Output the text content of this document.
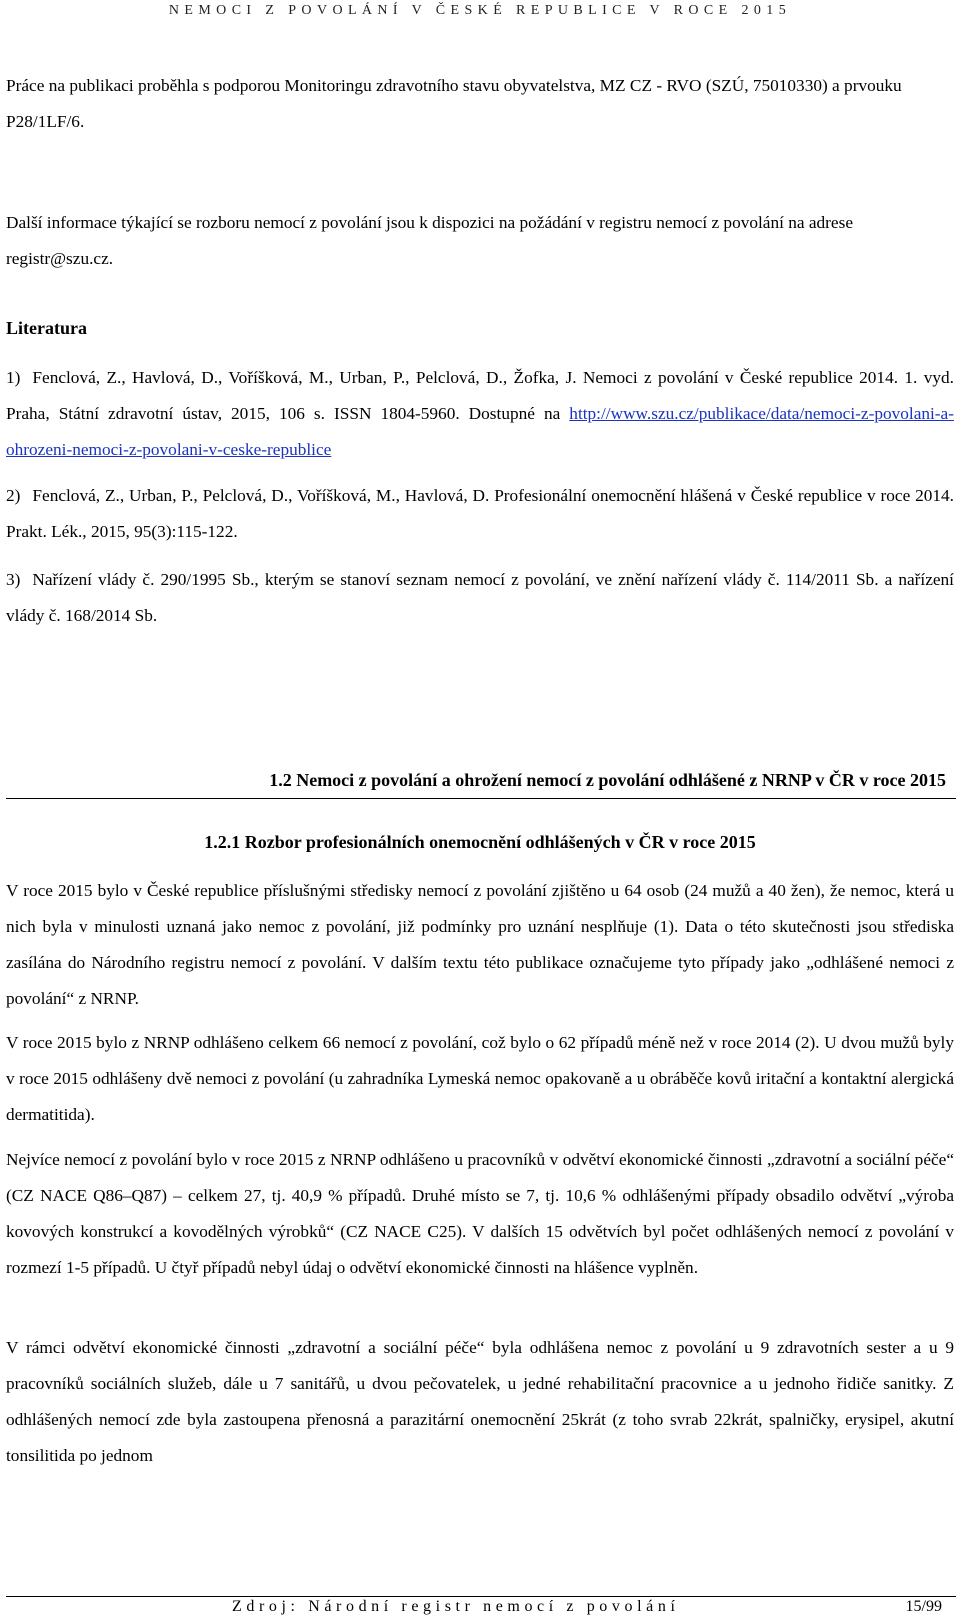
NEMOCI Z POVOLÁNÍ V ČESKÉ REPUBLICE V ROCE 2015

Práce na publikaci proběhla s podporou Monitoringu zdravotního stavu obyvatelstva, MZ CZ - RVO (SZÚ, 75010330) a prvouku P28/1LF/6.

Další informace týkající se rozboru nemocí z povolání jsou k dispozici na požádání v registru nemocí z povolání na adrese registr@szu.cz.

Literatura
1) Fenclová, Z., Havlová, D., Voříšková, M., Urban, P., Pelclová, D., Žofka, J. Nemoci z povolání v České republice 2014. 1. vyd. Praha, Státní zdravotní ústav, 2015, 106 s. ISSN 1804-5960. Dostupné na http://www.szu.cz/publikace/data/nemoci-z-povolani-a-ohrozeni-nemoci-z-povolani-v-ceske-republice
2) Fenclová, Z., Urban, P., Pelclová, D., Voříšková, M., Havlová, D. Profesionální onemocnění hlášená v České republice v roce 2014. Prakt. Lék., 2015, 95(3):115-122.
3) Nařízení vlády č. 290/1995 Sb., kterým se stanoví seznam nemocí z povolání, ve znění nařízení vlády č. 114/2011 Sb. a nařízení vlády č. 168/2014 Sb.
1.2 Nemoci z povolání a ohrožení nemocí z povolání odhlášené z NRNP v ČR v roce 2015
1.2.1 Rozbor profesionálních onemocnění odhlášených v ČR v roce 2015

V roce 2015 bylo v České republice příslušnými středisky nemocí z povolání zjištěno u 64 osob (24 mužů a 40 žen), že nemoc, která u nich byla v minulosti uznaná jako nemoc z povolání, již podmínky pro uznání nesplňuje (1). Data o této skutečnosti jsou střediska zasílána do Národního registru nemocí z povolání. V dalším textu této publikace označujeme tyto případy jako „odhlášené nemoci z povolání“ z NRNP.

V roce 2015 bylo z NRNP odhlášeno celkem 66 nemocí z povolání, což bylo o 62 případů méně než v roce 2014 (2). U dvou mužů byly v roce 2015 odhlášeny dvě nemoci z povolání (u zahradníka Lymeská nemoc opakovaně a u obráběče kovů iritační a kontaktní alergická dermatitida).

Nejvíce nemocí z povolání bylo v roce 2015 z NRNP odhlášeno u pracovníků v odvětví ekonomické činnosti „zdravotní a sociální péče“ (CZ NACE Q86–Q87) – celkem 27, tj. 40,9 % případů. Druhé místo se 7, tj. 10,6 % odhlášenými případy obsadilo odvětví „výroba kovových konstrukcí a kovodělných výrobků“ (CZ NACE C25). V dalších 15 odvětvích byl počet odhlášených nemocí z povolání v rozmezí 1-5 případů. U čtyř případů nebyl údaj o odvětví ekonomické činnosti na hlášence vyplněn.

V rámci odvětví ekonomické činnosti „zdravotní a sociální péče“ byla odhlášena nemoc z povolání u 9 zdravotních sester a u 9 pracovníků sociálních služeb, dále u 7 sanitářů, u dvou pečovatelek, u jedné rehabilitační pracovnice a u jednoho řidiče sanitky. Z odhlášených nemocí zde byla zastoupena přenosná a parazitární onemocnění 25krát (z toho svrab 22krát, spalničky, erysipel, akutní tonsilitida po jednom

Zdroj: Národní registr nemocí z povolání	15/99
